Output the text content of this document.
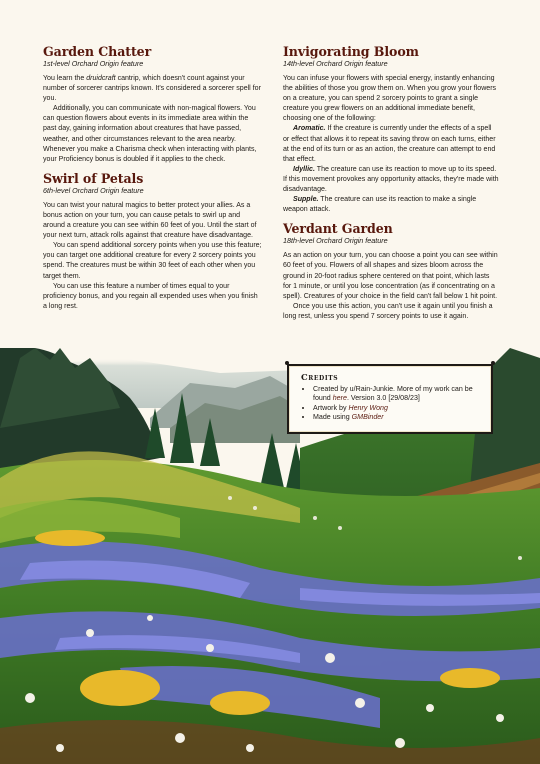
Garden Chatter
1st-level Orchard Origin feature

You learn the druidcraft cantrip, which doesn't count against your number of sorcerer cantrips known. It's considered a sorcerer spell for you.

Additionally, you can communicate with non-magical flowers. You can question flowers about events in its immediate area within the past day, gaining information about creatures that have passed, weather, and other circumstances relevant to the area nearby. Whenever you make a Charisma check when interacting with plants, your Proficiency bonus is doubled if it applies to the check.

Swirl of Petals
6th-level Orchard Origin feature

You can twist your natural magics to better protect your allies. As a bonus action on your turn, you can cause petals to swirl up and around a creature you can see within 60 feet of you. Until the start of your next turn, attack rolls against that creature have disadvantage.

You can spend additional sorcery points when you use this feature; you can target one additional creature for every 2 sorcery points you spend. The creatures must be within 30 feet of each other when you target them.

You can use this feature a number of times equal to your proficiency bonus, and you regain all expended uses when you finish a long rest.

Invigorating Bloom
14th-level Orchard Origin feature

You can infuse your flowers with special energy, instantly enhancing the abilities of those you grow them on. When you grow your flowers on a creature, you can spend 2 sorcery points to grant a single creature you grew flowers on an additional immediate benefit, choosing one of the following:

Aromatic. If the creature is currently under the effects of a spell or effect that allows it to repeat its saving throw on each turns, either at the end of its turn or as an action, the creature can attempt to end that effect.

Idyllic. The creature can use its reaction to move up to its speed. If this movement provokes any opportunity attacks, they're made with disadvantage.

Supple. The creature can use its reaction to make a single weapon attack.

Verdant Garden
18th-level Orchard Origin feature

As an action on your turn, you can choose a point you can see within 60 feet of you. Flowers of all shapes and sizes bloom across the ground in 20-foot radius sphere centered on that point, which lasts for 1 minute, or until you lose concentration (as if concentrating on a spell). Creatures of your choice in the field can't fall below 1 hit point.

Once you use this action, you can't use it again until you finish a long rest, unless you spend 7 sorcery points to use it again.

Credits
• Created by u/Rain-Junkie. More of my work can be found here. Version 3.0 [29/08/23]
• Artwork by Henry Wong
• Made using GMBinder
